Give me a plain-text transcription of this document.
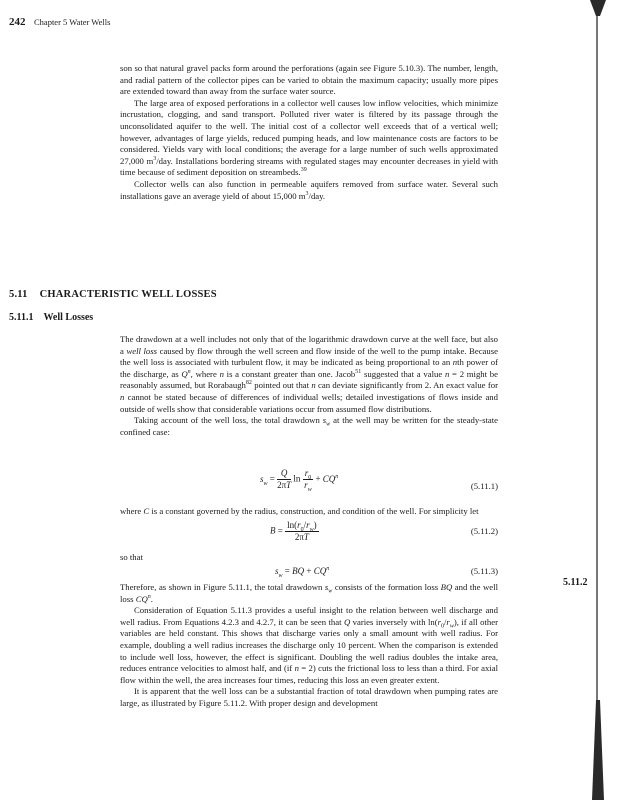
242 Chapter 5 Water Wells

son so that natural gravel packs form around the perforations (again see Figure 5.10.3). The number, length, and radial pattern of the collector pipes can be varied to obtain the maximum capacity; usually more pipes are extended toward than away from the surface water source.

The large area of exposed perforations in a collector well causes low inflow velocities, which minimize incrustation, clogging, and sand transport. Polluted river water is filtered by its passage through the unconsolidated aquifer to the well. The initial cost of a collector well exceeds that of a vertical well; however, advantages of large yields, reduced pumping heads, and low maintenance costs are factors to be considered. Yields vary with local conditions; the average for a large number of such wells approximated 27,000 $m^3$/day. Installations bordering streams with regulated stages may encounter decreases in yield with time because of sediment deposition on streambeds.$^{39}$

Collector wells can also function in permeable aquifers removed from surface water. Several such installations gave an average yield of about 15,000 $m^3$/day.

5.11 CHARACTERISTIC WELL LOSSES
5.11.1 Well Losses

The drawdown at a well includes not only that of the logarithmic drawdown curve at the well face, but also a well loss caused by flow through the well screen and flow inside of the well to the pump intake. Because the well loss is associated with turbulent flow, it may be indicated as being proportional to an nth power of the discharge, as $Q^n$, where n is a constant greater than one. Jacob$^{51}$ suggested that a value n = 2 might be reasonably assumed, but Rorabaugh$^{82}$ pointed out that n can deviate significantly from 2. An exact value for n cannot be stated because of differences of individual wells; detailed investigations of flows inside and outside of wells show that considerable variations occur from assumed flow distributions.

Taking account of the well loss, the total drawdown $s_w$ at the well may be written for the steady-state confined case:

$s_w = \frac{Q}{2\pi T}$ $\ln \frac{r_0}{r_w} + CQ^n$
(5.11.1)

where C is a constant governed by the radius, construction, and condition of the well. For simplicity let

$B = \frac{\ln(r_0/r_w)}{2\pi T}$	(5.11.2)

so that

$s_w$ = BQ + $CQ^n$	(5.11.3)

Therefore, as shown in Figure 5.11.1, the total drawdown $s_w$ consists of the formation loss BQ and the well loss $CQ^n$.

Consideration of Equation 5.11.3 provides a useful insight to the relation between well discharge and well radius. From Equations 4.2.3 and 4.2.7, it can be seen that Q varies inversely with $\ln(r_0/r_w)$, if all other variables are held constant. This shows that discharge varies only a small amount with well radius. For example, doubling a well radius increases the discharge only 10 percent. When the comparison is extended to include well loss, however, the effect is significant. Doubling the well radius doubles the intake area, reduces entrance velocities to almost half, and (if n = 2) cuts the frictional loss to less than a third. For axial flow within the well, the area increases four times, reducing this loss an even greater extent.

It is apparent that the well loss can be a substantial fraction of total drawdown when pumping rates are large, as illustrated by Figure 5.11.2. With proper design and development

5.11.2
